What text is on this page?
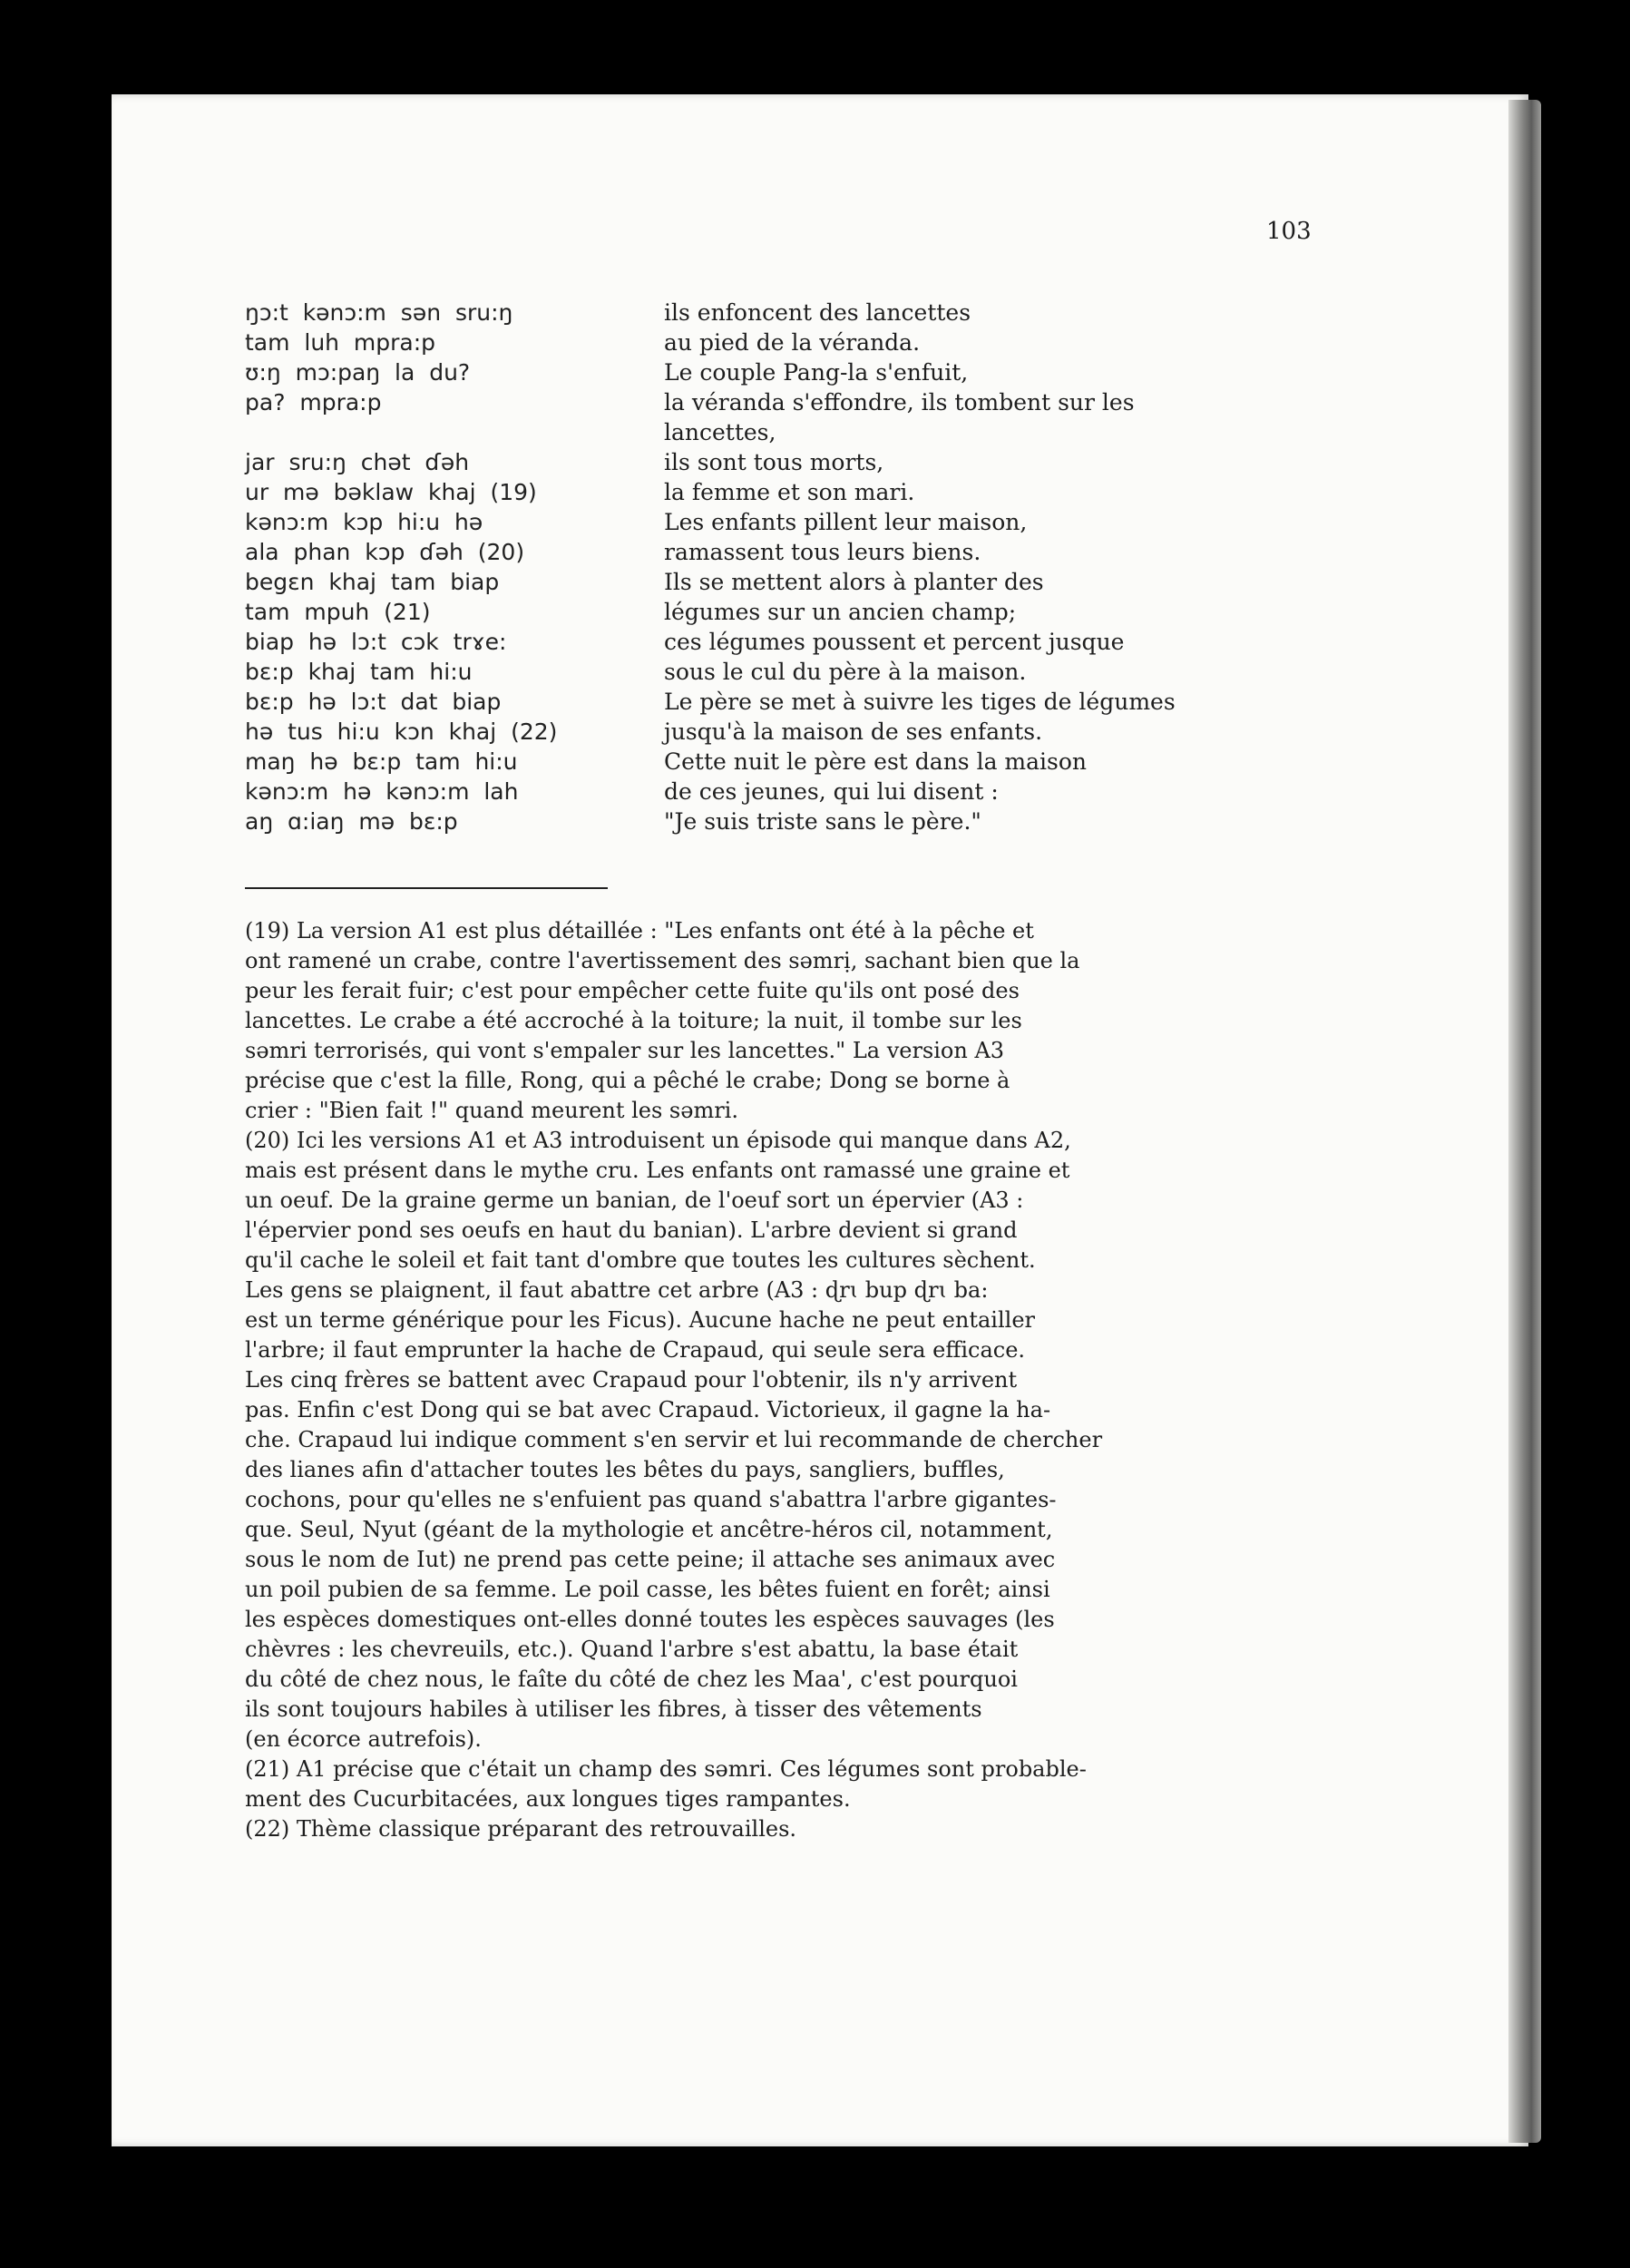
103
ŋɔ:t  kənɔ:m  sən  sru:ŋ	ils enfoncent des lancettes
tam  luh  mpra:p	au pied de la véranda.
ʊ:ŋ  mɔ:paŋ  la  du?	Le couple Pang-la s'enfuit,
pa?  mpra:p	la véranda s'effondre, ils tombent sur les
lancettes,
jar  sru:ŋ  chət  ɗəh	ils sont tous morts,
ur  mə  bəklaw  khaj  (19)	la femme et son mari.
kənɔ:m  kɔp  hi:u  hə	Les enfants pillent leur maison,
ala  phan  kɔp  ɗəh  (20)	ramassent tous leurs biens.
begɛn  khaj  tam  biap	Ils se mettent alors à planter des
tam  mpuh  (21)	légumes sur un ancien champ;
biap  hə  lɔ:t  cɔk  trɤe:	ces légumes poussent et percent jusque
bɛ:p  khaj  tam  hi:u	sous le cul du père à la maison.
bɛ:p  hə  lɔ:t  dat  biap	Le père se met à suivre les tiges de légumes
hə  tus  hi:u  kɔn  khaj  (22)	jusqu'à la maison de ses enfants.
maŋ  hə  bɛ:p  tam  hi:u	Cette nuit le père est dans la maison
kənɔ:m  hə  kənɔ:m  lah	de ces jeunes, qui lui disent :
aŋ  ɑ:iaŋ  mə  bɛ:p	"Je suis triste sans le père."
(19) La version A1 est plus détaillée : "Les enfants ont été à la pêche et
ont ramené un crabe, contre l'avertissement des səmrị, sachant bien que la
peur les ferait fuir; c'est pour empêcher cette fuite qu'ils ont posé des
lancettes. Le crabe a été accroché à la toiture; la nuit, il tombe sur les
səmri terrorisés, qui vont s'empaler sur les lancettes." La version A3
précise que c'est la fille, Rong, qui a pêché le crabe; Dong se borne à
crier : "Bien fait !" quand meurent les səmri.
(20) Ici les versions A1 et A3 introduisent un épisode qui manque dans A2,
mais est présent dans le mythe cru. Les enfants ont ramassé une graine et
un oeuf. De la graine germe un banian, de l'oeuf sort un épervier (A3 :
l'épervier pond ses oeufs en haut du banian). L'arbre devient si grand
qu'il cache le soleil et fait tant d'ombre que toutes les cultures sèchent.
Les gens se plaignent, il faut abattre cet arbre (A3 : ɖrɩ bup ɖrɩ ba:
est un terme générique pour les Ficus). Aucune hache ne peut entailler
l'arbre; il faut emprunter la hache de Crapaud, qui seule sera efficace.
Les cinq frères se battent avec Crapaud pour l'obtenir, ils n'y arrivent
pas. Enfin c'est Dong qui se bat avec Crapaud. Victorieux, il gagne la ha-
che. Crapaud lui indique comment s'en servir et lui recommande de chercher
des lianes afin d'attacher toutes les bêtes du pays, sangliers, buffles,
cochons, pour qu'elles ne s'enfuient pas quand s'abattra l'arbre gigantes-
que. Seul, Nyut (géant de la mythologie et ancêtre-héros cil, notamment,
sous le nom de Iut) ne prend pas cette peine; il attache ses animaux avec
un poil pubien de sa femme. Le poil casse, les bêtes fuient en forêt; ainsi
les espèces domestiques ont-elles donné toutes les espèces sauvages (les
chèvres : les chevreuils, etc.). Quand l'arbre s'est abattu, la base était
du côté de chez nous, le faîte du côté de chez les Maa', c'est pourquoi
ils sont toujours habiles à utiliser les fibres, à tisser des vêtements
(en écorce autrefois).
(21) A1 précise que c'était un champ des səmri. Ces légumes sont probable-
ment des Cucurbitacées, aux longues tiges rampantes.
(22) Thème classique préparant des retrouvailles.
